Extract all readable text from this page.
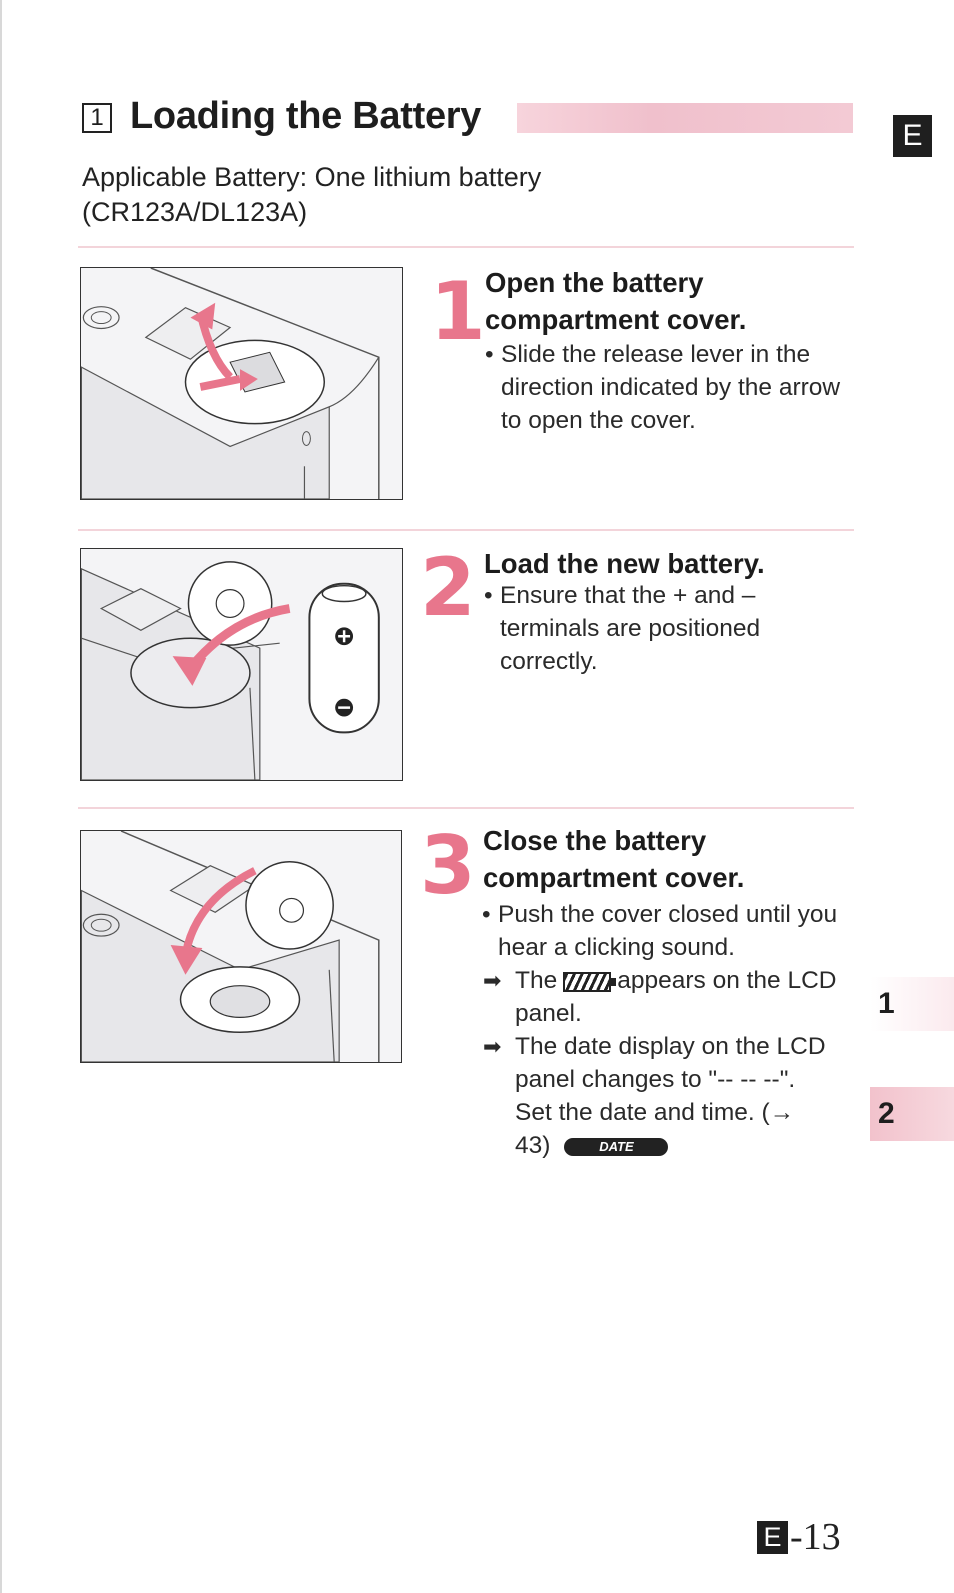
1 Loading the Battery	E
Applicable Battery: One lithium battery
(CR123A/DL123A)
1 Open the battery
compartment cover.
• Slide the release lever in the direction indicated by the arrow to open the cover.
2 Load the new battery.
• Ensure that the + and – terminals are positioned correctly.
3 Close the battery
compartment cover.
• Push the cover closed until you hear a clicking sound.
➡ The appears on the LCD panel.
➡ The date display on the LCD panel changes to "-- -- --". Set the date and time. (→ 43)	DATE
1
2
E -13
